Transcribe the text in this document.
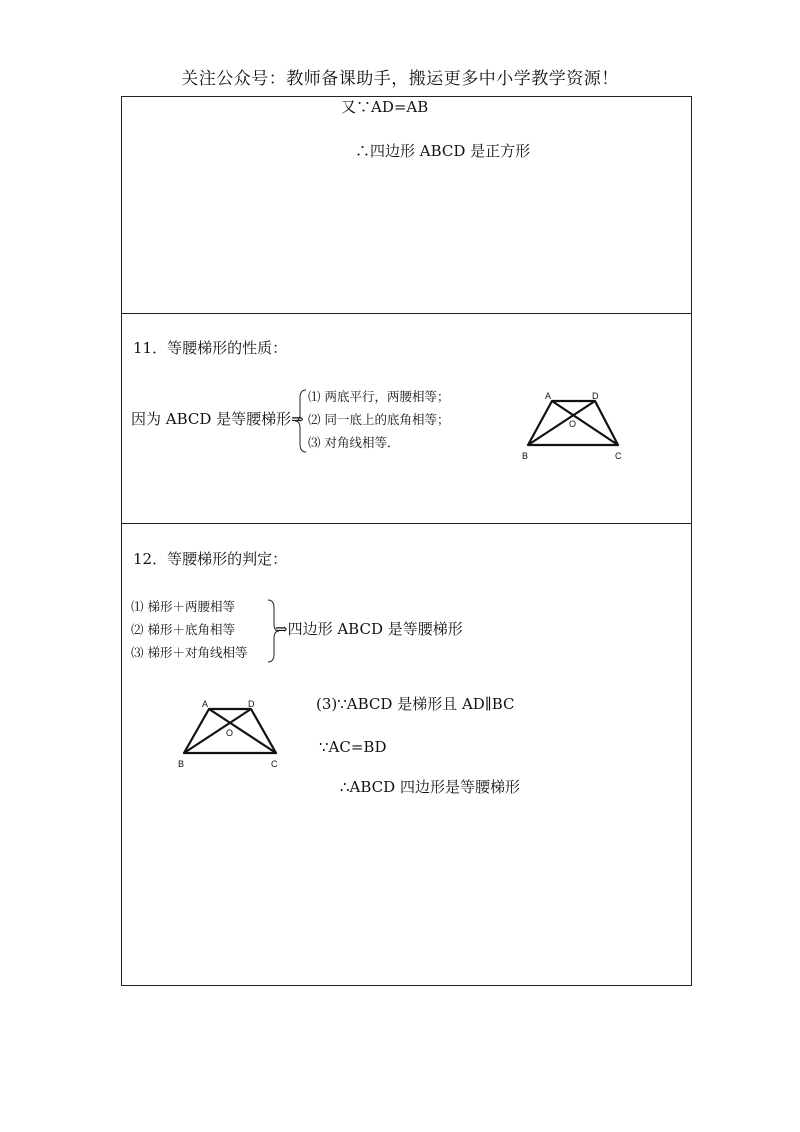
关注公众号：教师备课助手，搬运更多中小学教学资源！
又∵AD=AB
∴四边形 ABCD 是正方形
11．等腰梯形的性质：
因为 ABCD 是等腰梯形⇒
⑴ 两底平行，两腰相等；
⑵ 同一底上的底角相等；
⑶ 对角线相等．
A	D
O
B	C
12．等腰梯形的判定：
⑴ 梯形＋两腰相等
⑵ 梯形＋底角相等
⑶ 梯形＋对角线相等
⇒四边形 ABCD 是等腰梯形
A	D
O
B	C
(3)∵ABCD 是梯形且 AD∥BC
∵AC=BD
∴ABCD 四边形是等腰梯形
